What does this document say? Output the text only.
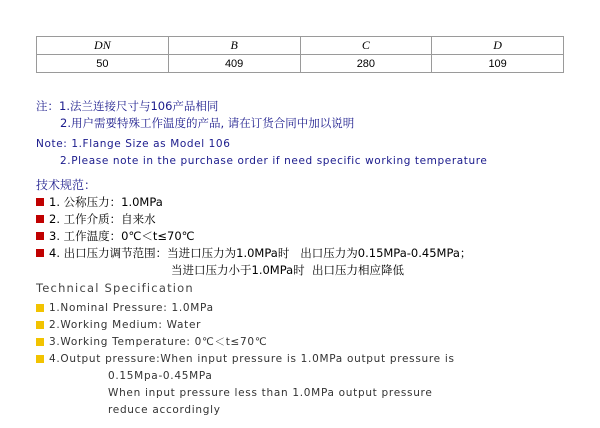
DN	B	C	D
50	409	280	109
注：1.法兰连接尺寸与106产品相同
2.用户需要特殊工作温度的产品, 请在订货合同中加以说明
Note: 1.Flange Size as Model 106
2.Please note in the purchase order if need specific working temperature
技术规范：
1. 公称压力：1.0MPa
2. 工作介质：自来水
3. 工作温度：0℃＜t≤70℃
4. 出口压力调节范围： 当进口压力为1.0MPa时   出口压力为0.15MPa-0.45MPa；
当进口压力小于1.0MPa时  出口压力相应降低
Technical Specification
1.Nominal Pressure: 1.0MPa
2.Working Medium: Water
3.Working Temperature: 0℃＜t≤70℃
4.Output pressure: When input pressure is 1.0MPa output pressure is
0.15Mpa-0.45MPa
When input pressure less than 1.0MPa output pressure
reduce accordingly
